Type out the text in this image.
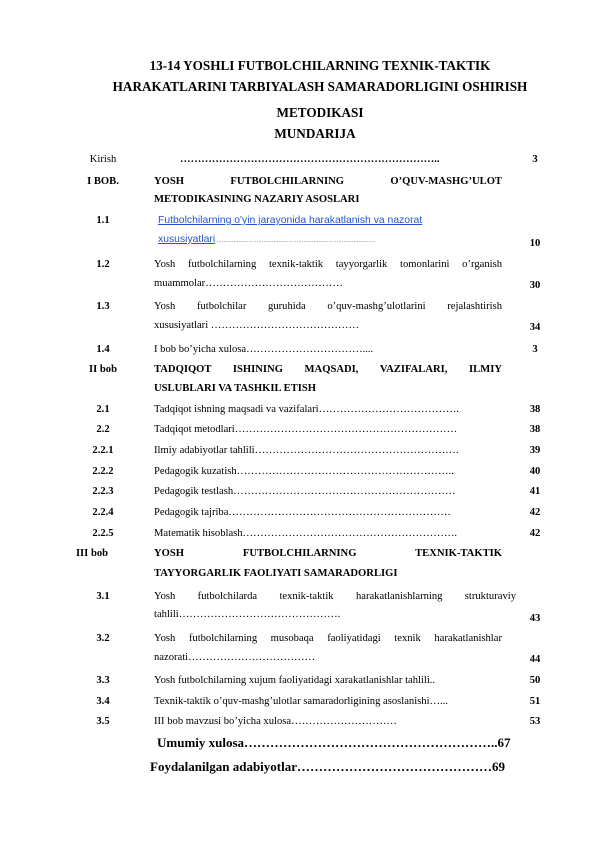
13-14 YOSHLI FUTBOLCHILARNING TEXNIK-TAKTIK
HARAKATLARINI TARBIYALASH SAMARADORLIGINI OSHIRISH
METODIKASI
MUNDARIJA
Kirish	………………………………………………………………..	3
I BOB.	YOSH FUTBOLCHILARNING O’QUV-MASHG’ULOT
METODIKASINING NAZARIY ASOSLARI
1.1	Futbolchilarning o'yin jarayonida harakatlanish va nazorat
xususiyatlari……………………………………………………………………………………	10
1.2	Yosh futbolchilarning texnik-taktik tayyorgarlik tomonlarini o’rganish
muammolar…………………………………	30
1.3	Yosh futbolchilar guruhida o’quv-mashg’ulotlarini rejalashtirish
xususiyatlari ……………………………………	34
1.4	I bob bo’yicha xulosa……………………………....	3
II bob	TADQIQOT ISHINING MAQSADI, VAZIFALARI, ILMIY
USLUBLARI VA TASHKIL ETISH
2.1	Tadqiqot ishning maqsadi va vazifalari………………………………….	38
2.2	Tadqiqot metodlari………………………………………………………	38
2.2.1	Ilmiy adabiyotlar tahlili………………………………………………….	39
2.2.2	Pedagogik kuzatish……………………………………………………..	40
2.2.3	Pedagogik testlash………………………………………………………	41
2.2.4	Pedagogik tajriba………………………………………………………	42
2.2.5	Matematik hisoblash…………………………………………………….	42
III bob	YOSH FUTBOLCHILARNING TEXNIK-TAKTIK
TAYYORGARLIK FAOLIYATI SAMARADORLIGI
3.1	Yosh futbolchilarda texnik-taktik harakatlanishlarning strukturaviy
tahlili……………………………………….	43
3.2	Yosh futbolchilarning musobaqa faoliyatidagi texnik harakatlanishlar
nazorati………………………………	44
3.3	Yosh futbolchilarning xujum faoliyatidagi xarakatlanishlar tahlili..	50
3.4	Texnik-taktik o’quv-mashg’ulotlar samaradorligining asoslanishi…...	51
3.5	III bob mavzusi bo’yicha xulosa…………………………	53
Umumiy xulosa…………………………………………………..67
Foydalanilgan adabiyotlar………………………………………69
